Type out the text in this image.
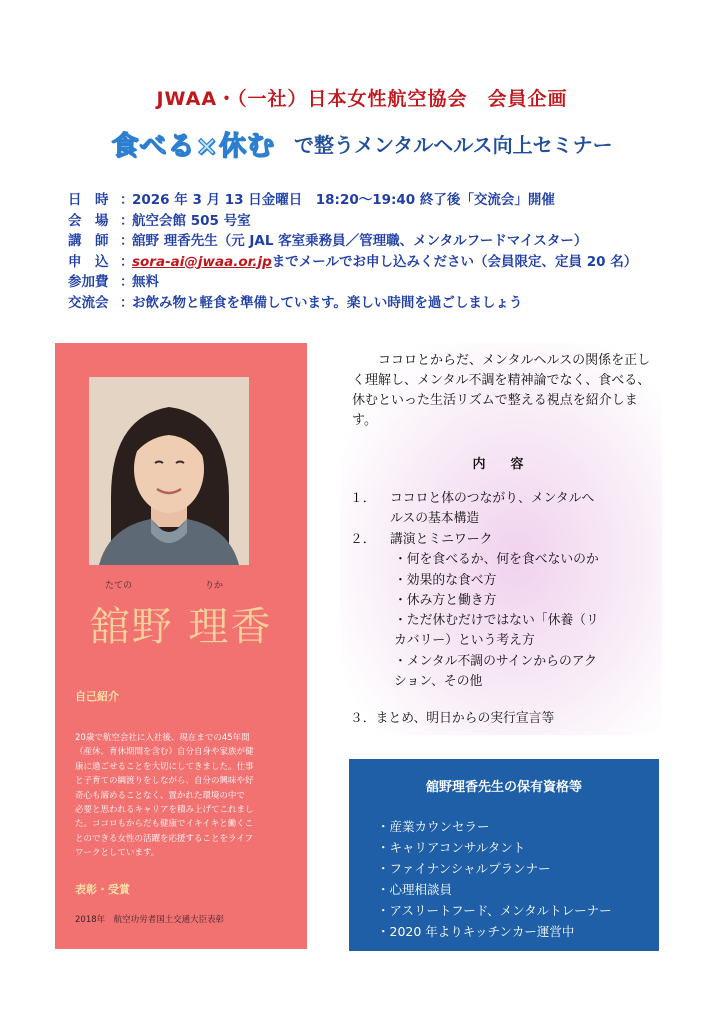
JWAA・（一社）日本女性航空協会　会員企画
食べる×休む で整うメンタルヘルス向上セミナー
日　時 ：2026 年 3 月 13 日金曜日　18:20～19:40 終了後「交流会」開催
会　場 ：航空会館 505 号室
講　師 ：舘野 理香先生（元 JAL 客室乗務員／管理職、メンタルフードマイスター）
申　込 ：sora-ai@jwaa.or.jpまでメールでお申し込みください（会員限定、定員 20 名）
参加費 ：無料
交流会 ：お飲み物と軽食を準備しています。楽しい時間を過ごしましょう
たての	りか
舘野 理香
自己紹介
20歳で航空会社に入社後、現在までの45年間
（産休、育休期間を含む）自分自身や家族が健
康に過ごせることを大切にしてきました。仕事
と子育ての綱渡りをしながら、自分の興味や好
奇心も諦めることなく、置かれた環境の中で
必要と思われるキャリアを積み上げてこれまし
た。ココロもからだも健康でイキイキと働くこ
とのできる女性の活躍を応援することをライフ
ワークとしています。
表彰・受賞
2018年　航空功労者国土交通大臣表彰
ココロとからだ、メンタルヘルスの関係を正しく理解し、メンタル不調を精神論でなく、食べる、休むといった生活リズムで整える視点を紹介します。
内　容
１． ココロと体のつながり、メンタルへ
ルスの基本構造
２． 講演とミニワーク
・何を食べるか、何を食べないのか
・効果的な食べ方
・休み方と働き方
・ただ休むだけではない「休養（リ
カバリー）という考え方
・メンタル不調のサインからのアク
ション、その他
３．まとめ、明日からの実行宣言等
舘野理香先生の保有資格等
・産業カウンセラー
・キャリアコンサルタント
・ファイナンシャルプランナー
・心理相談員
・アスリートフード、メンタルトレーナー
・2020 年よりキッチンカー運営中
